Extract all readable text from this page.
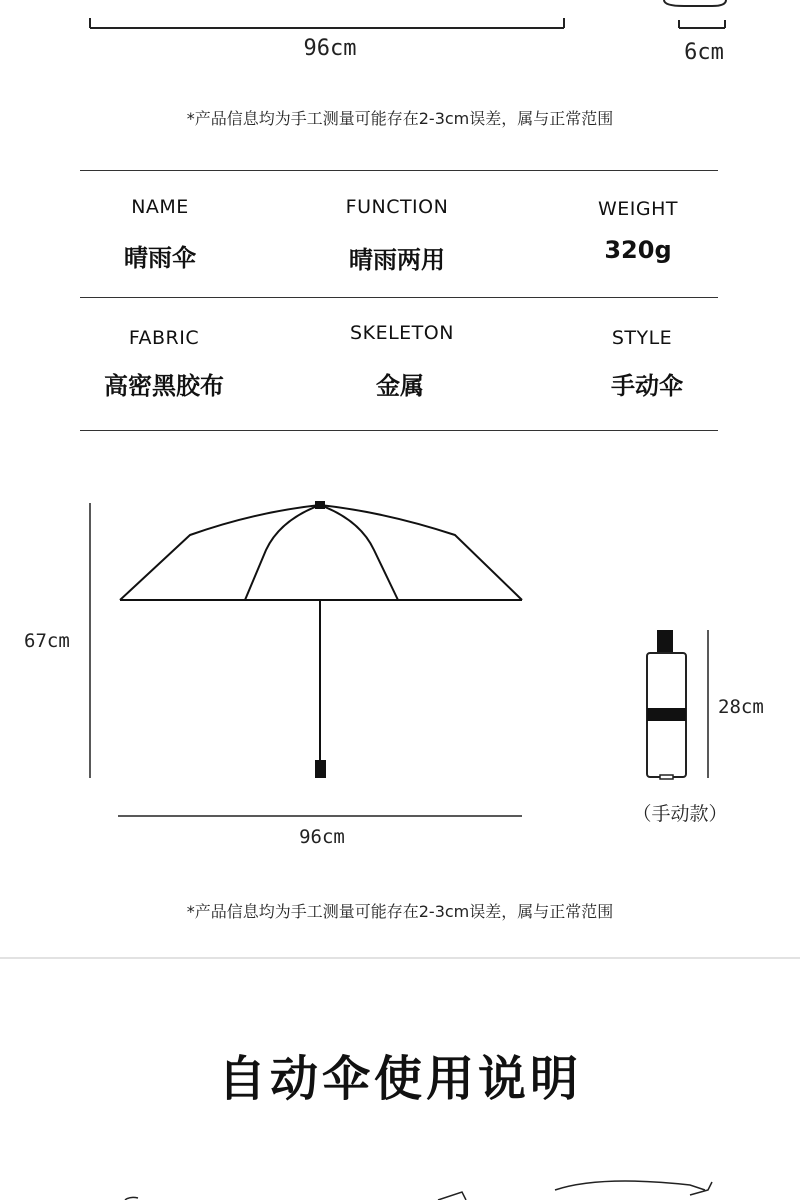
96cm	6cm
*产品信息均为手工测量可能存在2-3cm误差，属与正常范围
NAME
晴雨伞
FUNCTION
晴雨两用
WEIGHT
320g
FABRIC
高密黑胶布
SKELETON
金属
STYLE
手动伞
67cm
96cm
28cm
（手动款）
*产品信息均为手工测量可能存在2-3cm误差，属与正常范围
自动伞使用说明
